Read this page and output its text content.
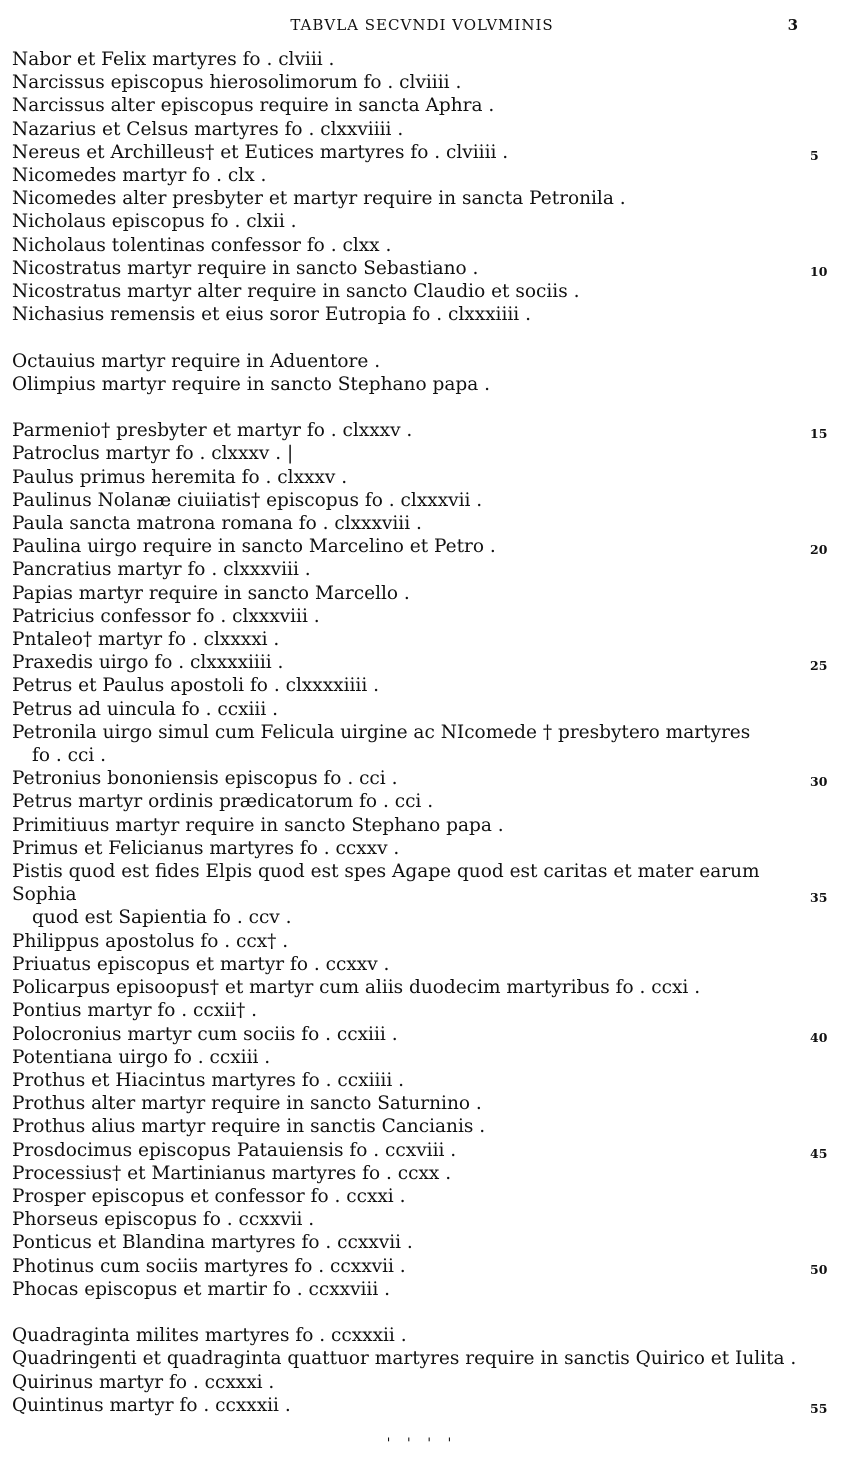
TABVLA SECVNDI VOLVMINIS	3
Nabor et Felix martyres fo . clviii .
Narcissus episcopus hierosolimorum fo . clviiii .
Narcissus alter episcopus require in sancta Aphra .
Nazarius et Celsus martyres fo . clxxviiii .
Nereus et Archilleus† et Eutices martyres fo . clviiii .	5
Nicomedes martyr fo . clx .
Nicomedes alter presbyter et martyr require in sancta Petronila .
Nicholaus episcopus fo . clxii .
Nicholaus tolentinas confessor fo . clxx .
Nicostratus martyr require in sancto Sebastiano .	10
Nicostratus martyr alter require in sancto Claudio et sociis .
Nichasius remensis et eius soror Eutropia fo . clxxxiiii .
Octauius martyr require in Aduentore .
Olimpius martyr require in sancto Stephano papa .
Parmenio† presbyter et martyr fo . clxxxv .	15
Patroclus martyr fo . clxxxv . |
Paulus primus heremita fo . clxxxv .
Paulinus Nolanæ ciuiiatis† episcopus fo . clxxxvii .
Paula sancta matrona romana fo . clxxxviii .
Paulina uirgo require in sancto Marcelino et Petro .	20
Pancratius martyr fo . clxxxviii .
Papias martyr require in sancto Marcello .
Patricius confessor fo . clxxxviii .
Pntaleo† martyr fo . clxxxxi .
Praxedis uirgo fo . clxxxxiiii .	25
Petrus et Paulus apostoli fo . clxxxxiiii .
Petrus ad uincula fo . ccxiii .
Petronila uirgo simul cum Felicula uirgine ac NIcomede † presbytero martyres
fo . cci .
Petronius bononiensis episcopus fo . cci .	30
Petrus martyr ordinis prædicatorum fo . cci .
Primitiuus martyr require in sancto Stephano papa .
Primus et Felicianus martyres fo . ccxxv .
Pistis quod est fides Elpis quod est spes Agape quod est caritas et mater earum Sophia
quod est Sapientia fo . ccv .
35
Philippus apostolus fo . ccx† .
Priuatus episcopus et martyr fo . ccxxv .
Policarpus episoopus† et martyr cum aliis duodecim martyribus fo . ccxi .
Pontius martyr fo . ccxii† .
Polocronius martyr cum sociis fo . ccxiii .	40
Potentiana uirgo fo . ccxiii .
Prothus et Hiacintus martyres fo . ccxiiii .
Prothus alter martyr require in sancto Saturnino .
Prothus alius martyr require in sanctis Cancianis .
Prosdocimus episcopus Patauiensis fo . ccxviii .	45
Processius† et Martinianus martyres fo . ccxx .
Prosper episcopus et confessor fo . ccxxi .
Phorseus episcopus fo . ccxxvii .
Ponticus et Blandina martyres fo . ccxxvii .
Photinus cum sociis martyres fo . ccxxvii .	50
Phocas episcopus et martir fo . ccxxviii .
Quadraginta milites martyres fo . ccxxxii .
Quadringenti et quadraginta quattuor martyres require in sanctis Quirico et Iulita .
Quirinus martyr fo . ccxxxi .
Quintinus martyr fo . ccxxxii .	55
' ' ' '
